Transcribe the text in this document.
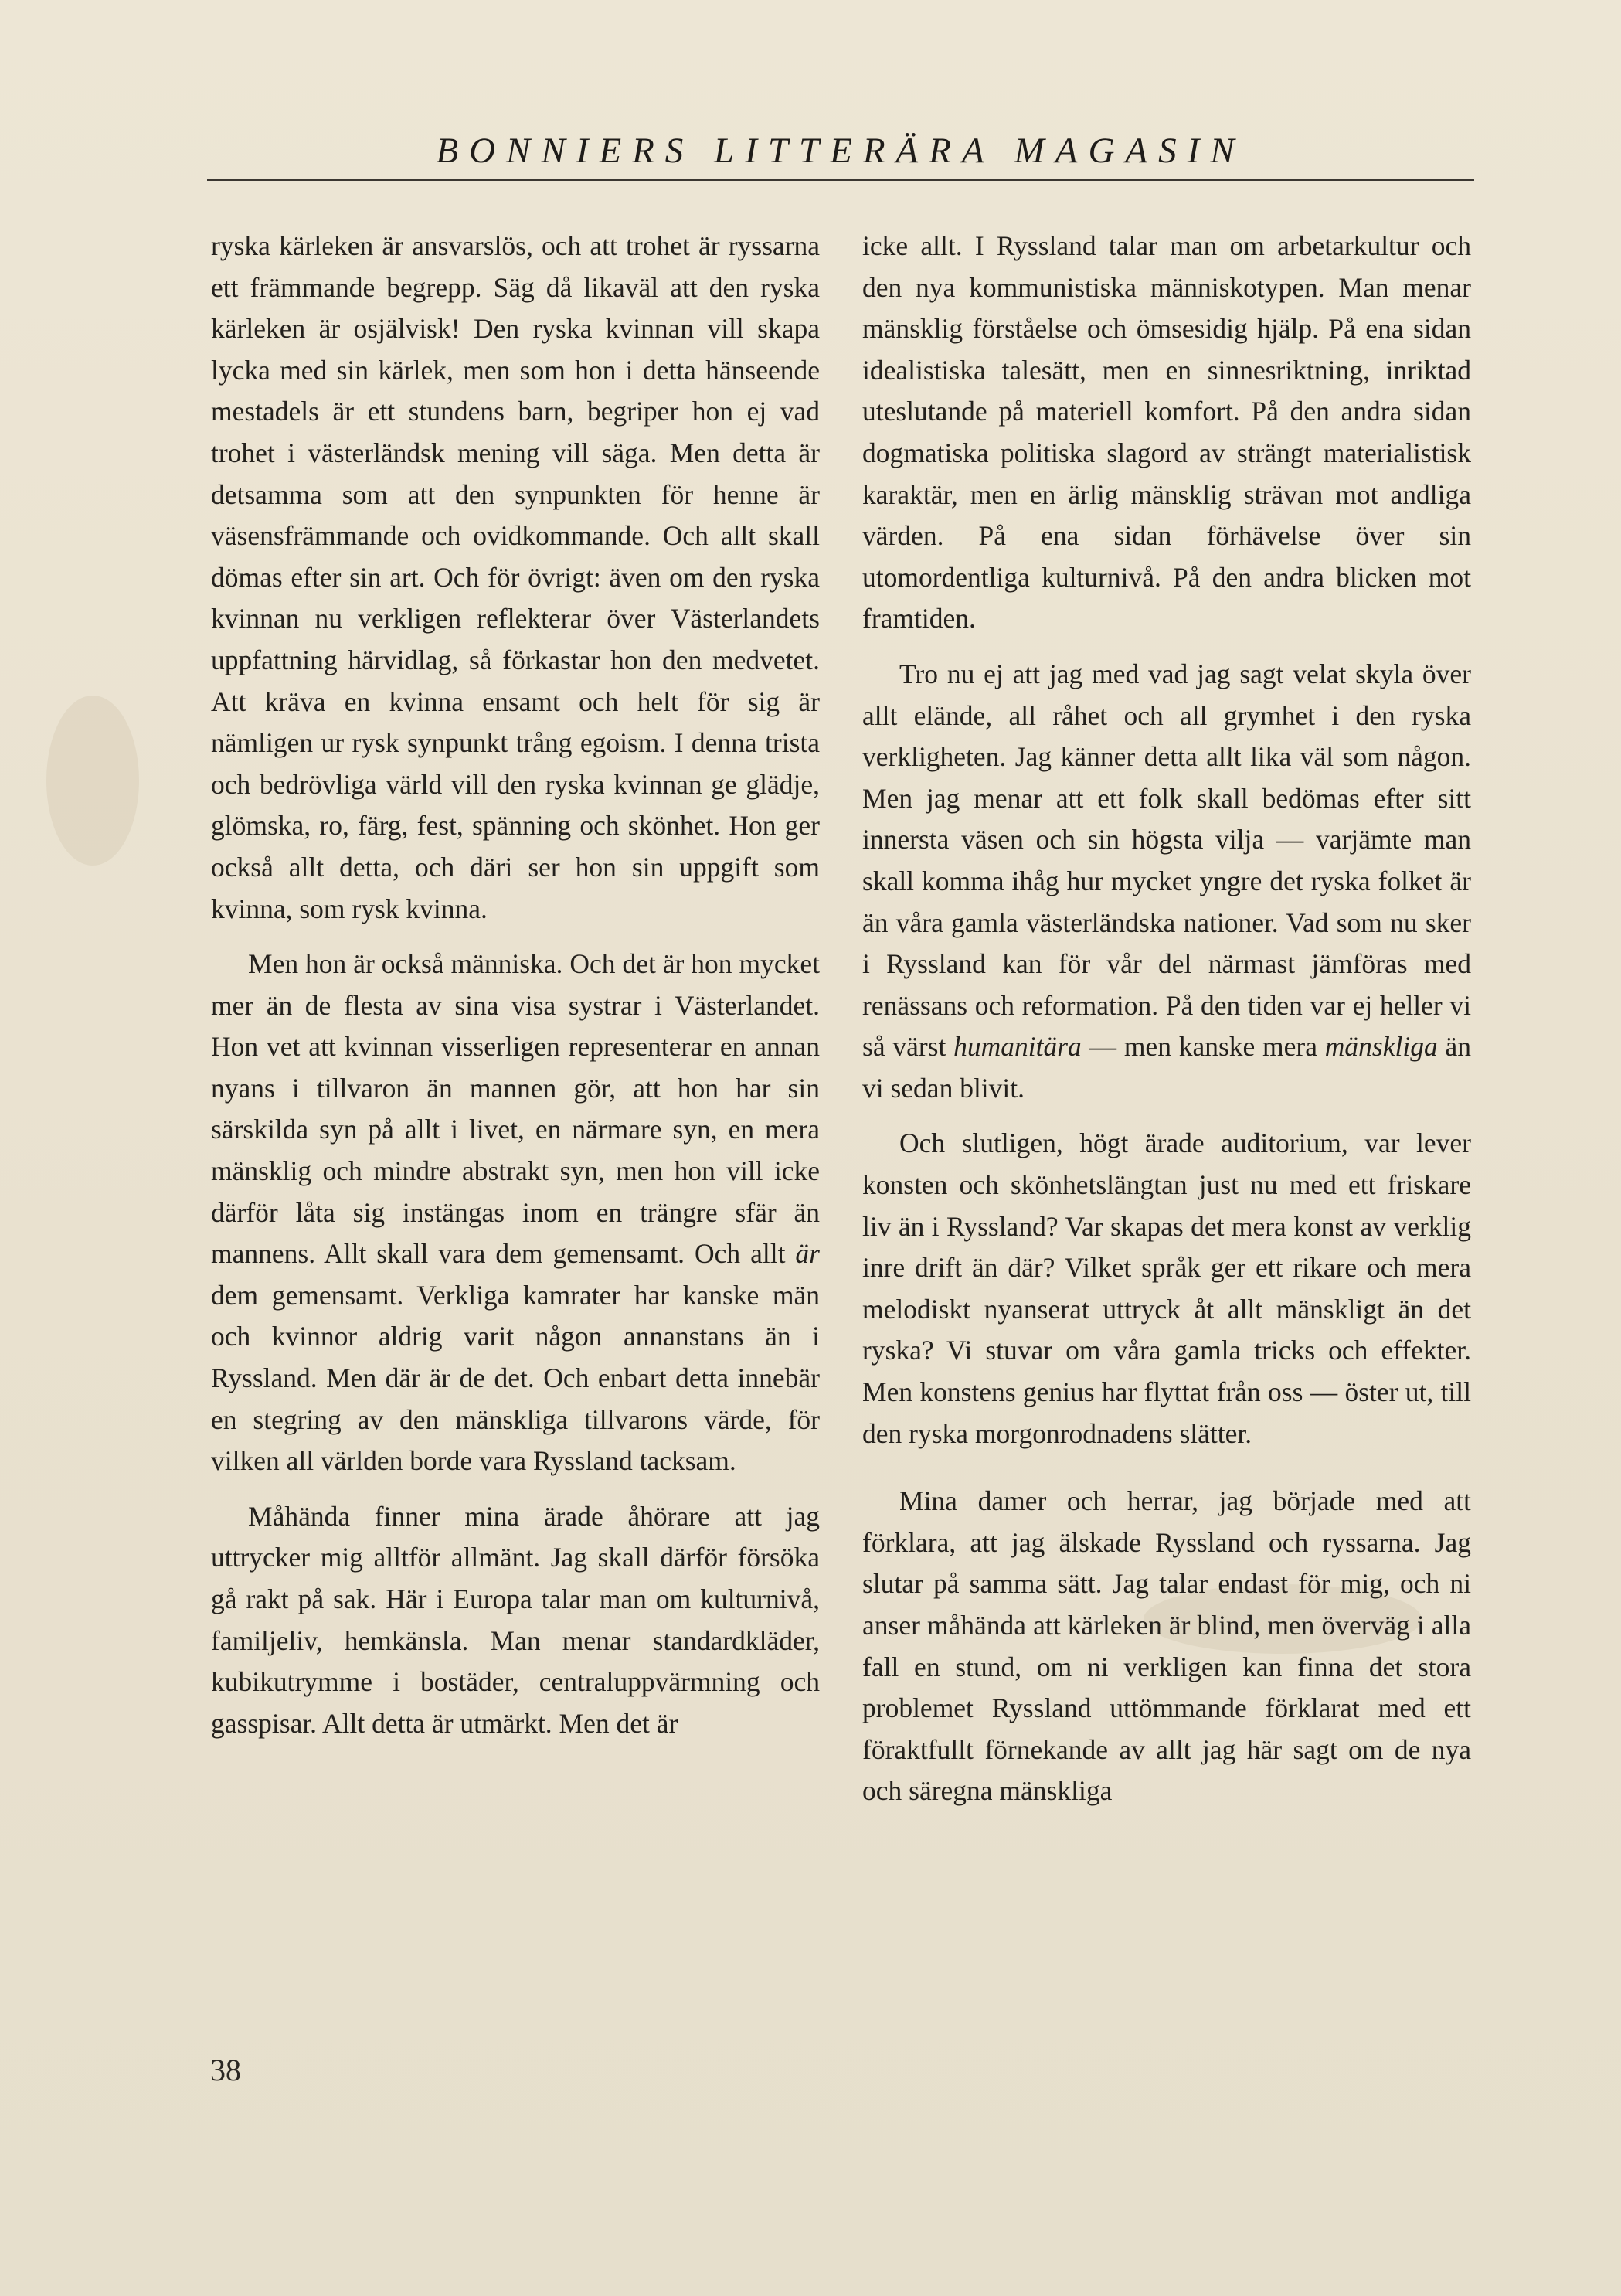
BONNIERS LITTERÄRA MAGASIN

ryska kärleken är ansvarslös, och att trohet är ryssarna ett främmande begrepp. Säg då likaväl att den ryska kärleken är osjälvisk! Den ryska kvinnan vill skapa lycka med sin kärlek, men som hon i detta hänseende mestadels är ett stundens barn, begriper hon ej vad trohet i västerländsk mening vill säga. Men detta är detsamma som att den synpunkten för henne är väsensfrämmande och ovidkommande. Och allt skall dömas efter sin art. Och för övrigt: även om den ryska kvinnan nu verkligen reflekterar över Västerlandets uppfattning härvidlag, så förkastar hon den medvetet. Att kräva en kvinna ensamt och helt för sig är nämligen ur rysk synpunkt trång egoism. I denna trista och bedrövliga värld vill den ryska kvinnan ge glädje, glömska, ro, färg, fest, spänning och skönhet. Hon ger också allt detta, och däri ser hon sin uppgift som kvinna, som rysk kvinna.

Men hon är också människa. Och det är hon mycket mer än de flesta av sina visa systrar i Västerlandet. Hon vet att kvinnan visserligen representerar en annan nyans i tillvaron än mannen gör, att hon har sin särskilda syn på allt i livet, en närmare syn, en mera mänsklig och mindre abstrakt syn, men hon vill icke därför låta sig instängas inom en trängre sfär än mannens. Allt skall vara dem gemensamt. Och allt är dem gemensamt. Verkliga kamrater har kanske män och kvinnor aldrig varit någon annanstans än i Ryssland. Men där är de det. Och enbart detta innebär en stegring av den mänskliga tillvarons värde, för vilken all världen borde vara Ryssland tacksam.

Måhända finner mina ärade åhörare att jag uttrycker mig alltför allmänt. Jag skall därför försöka gå rakt på sak. Här i Europa talar man om kulturnivå, familjeliv, hemkänsla. Man menar standardkläder, kubikutrymme i bostäder, centraluppvärmning och gasspisar. Allt detta är utmärkt. Men det är

icke allt. I Ryssland talar man om arbetarkultur och den nya kommunistiska människotypen. Man menar mänsklig förståelse och ömsesidig hjälp. På ena sidan idealistiska talesätt, men en sinnesriktning, inriktad uteslutande på materiell komfort. På den andra sidan dogmatiska politiska slagord av strängt materialistisk karaktär, men en ärlig mänsklig strävan mot andliga värden. På ena sidan förhävelse över sin utomordentliga kulturnivå. På den andra blicken mot framtiden.

Tro nu ej att jag med vad jag sagt velat skyla över allt elände, all råhet och all grymhet i den ryska verkligheten. Jag känner detta allt lika väl som någon. Men jag menar att ett folk skall bedömas efter sitt innersta väsen och sin högsta vilja — varjämte man skall komma ihåg hur mycket yngre det ryska folket är än våra gamla västerländska nationer. Vad som nu sker i Ryssland kan för vår del närmast jämföras med renässans och reformation. På den tiden var ej heller vi så värst humanitära — men kanske mera mänskliga än vi sedan blivit.

Och slutligen, högt ärade auditorium, var lever konsten och skönhetslängtan just nu med ett friskare liv än i Ryssland? Var skapas det mera konst av verklig inre drift än där? Vilket språk ger ett rikare och mera melodiskt nyanserat uttryck åt allt mänskligt än det ryska? Vi stuvar om våra gamla tricks och effekter. Men konstens genius har flyttat från oss — öster ut, till den ryska morgonrodnadens slätter.

Mina damer och herrar, jag började med att förklara, att jag älskade Ryssland och ryssarna. Jag slutar på samma sätt. Jag talar endast för mig, och ni anser måhända att kärleken är blind, men överväg i alla fall en stund, om ni verkligen kan finna det stora problemet Ryssland uttömmande förklarat med ett föraktfullt förnekande av allt jag här sagt om de nya och säregna mänskliga

38
